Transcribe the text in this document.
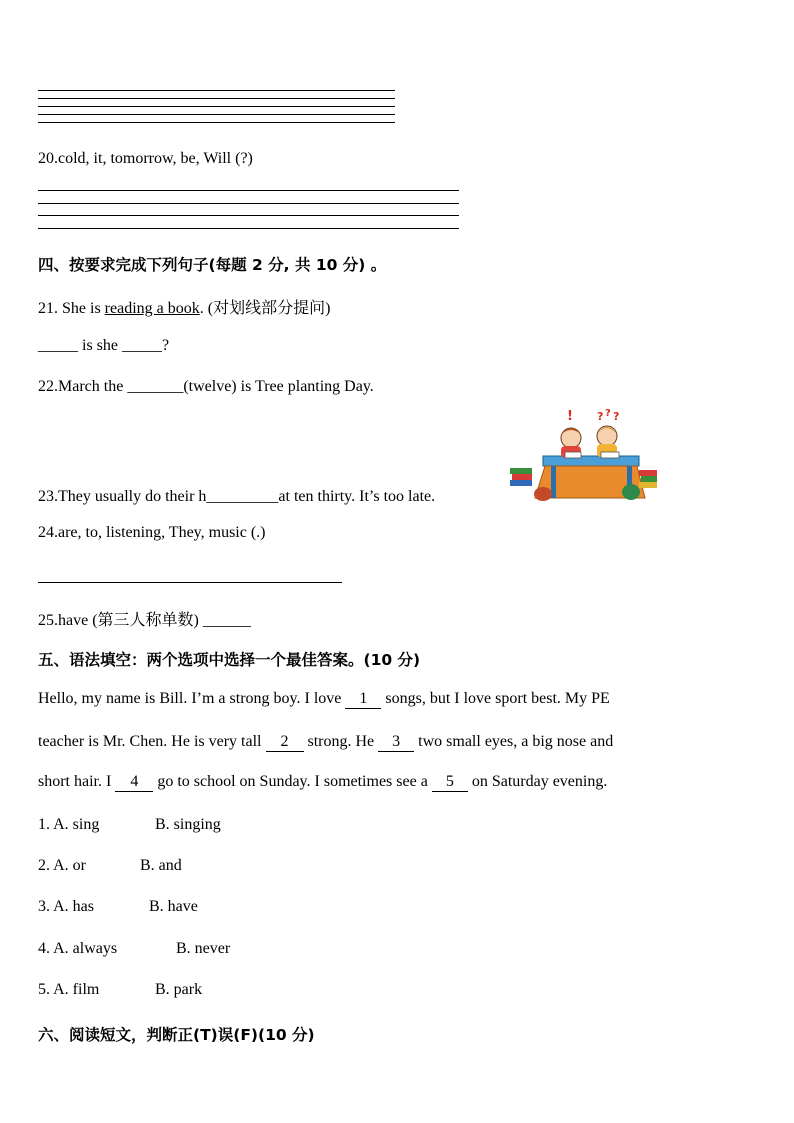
20.cold, it, tomorrow, be, Will (?)
四、按要求完成下列句子(每题 2 分, 共 10 分) 。
21. She is reading a book. (对划线部分提问)
_____ is she _____?
22.March the _______(twelve) is Tree planting Day.
! ? ? ?
23.They usually do their h_________at ten thirty. It’s too late.
24.are, to, listening, They, music (.)
25.have (第三人称单数) ______
五、语法填空：两个选项中选择一个最佳答案。(10 分)
Hello, my name is Bill. I’m a strong boy. I love 1 songs, but I love sport best. My PE
teacher is Mr. Chen. He is very tall 2 strong. He 3 two small eyes, a big nose and
short hair. I 4 go to school on Sunday. I sometimes see a 5 on Saturday evening.
1. A. sing	B. singing
2. A. or	B. and
3. A. has	B. have
4. A. always	B. never
5. A. film	B. park
六、阅读短文，判断正(T)误(F)(10 分)
